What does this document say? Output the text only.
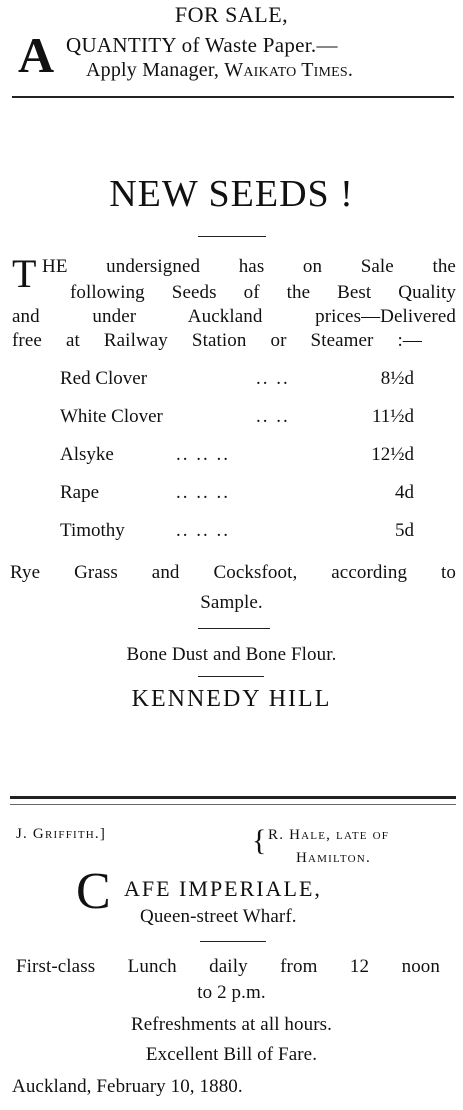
FOR SALE,
A QUANTITY of Waste Paper.—
Apply Manager, Waikato Times.
NEW SEEDS !
T HE undersigned has on Sale the
following Seeds of the Best Quality
and under Auckland prices—Delivered
free at Railway Station or Steamer :—
Red Clover	.. ..	8½d
White Clover	.. ..	11½d
Alsyke	.. .. ..	12½d
Rape	.. .. ..	4d
Timothy	.. .. ..	5d
Rye Grass and Cocksfoot, according to
Sample.
Bone Dust and Bone Flour.
KENNEDY HILL
J. Griffith.]	{ R. Hale, late of
Hamilton.
C AFE IMPERIALE,
Queen-street Wharf.
First-class Lunch daily from 12 noon
to 2 p.m.
Refreshments at all hours.
Excellent Bill of Fare.
Auckland, February 10, 1880.
